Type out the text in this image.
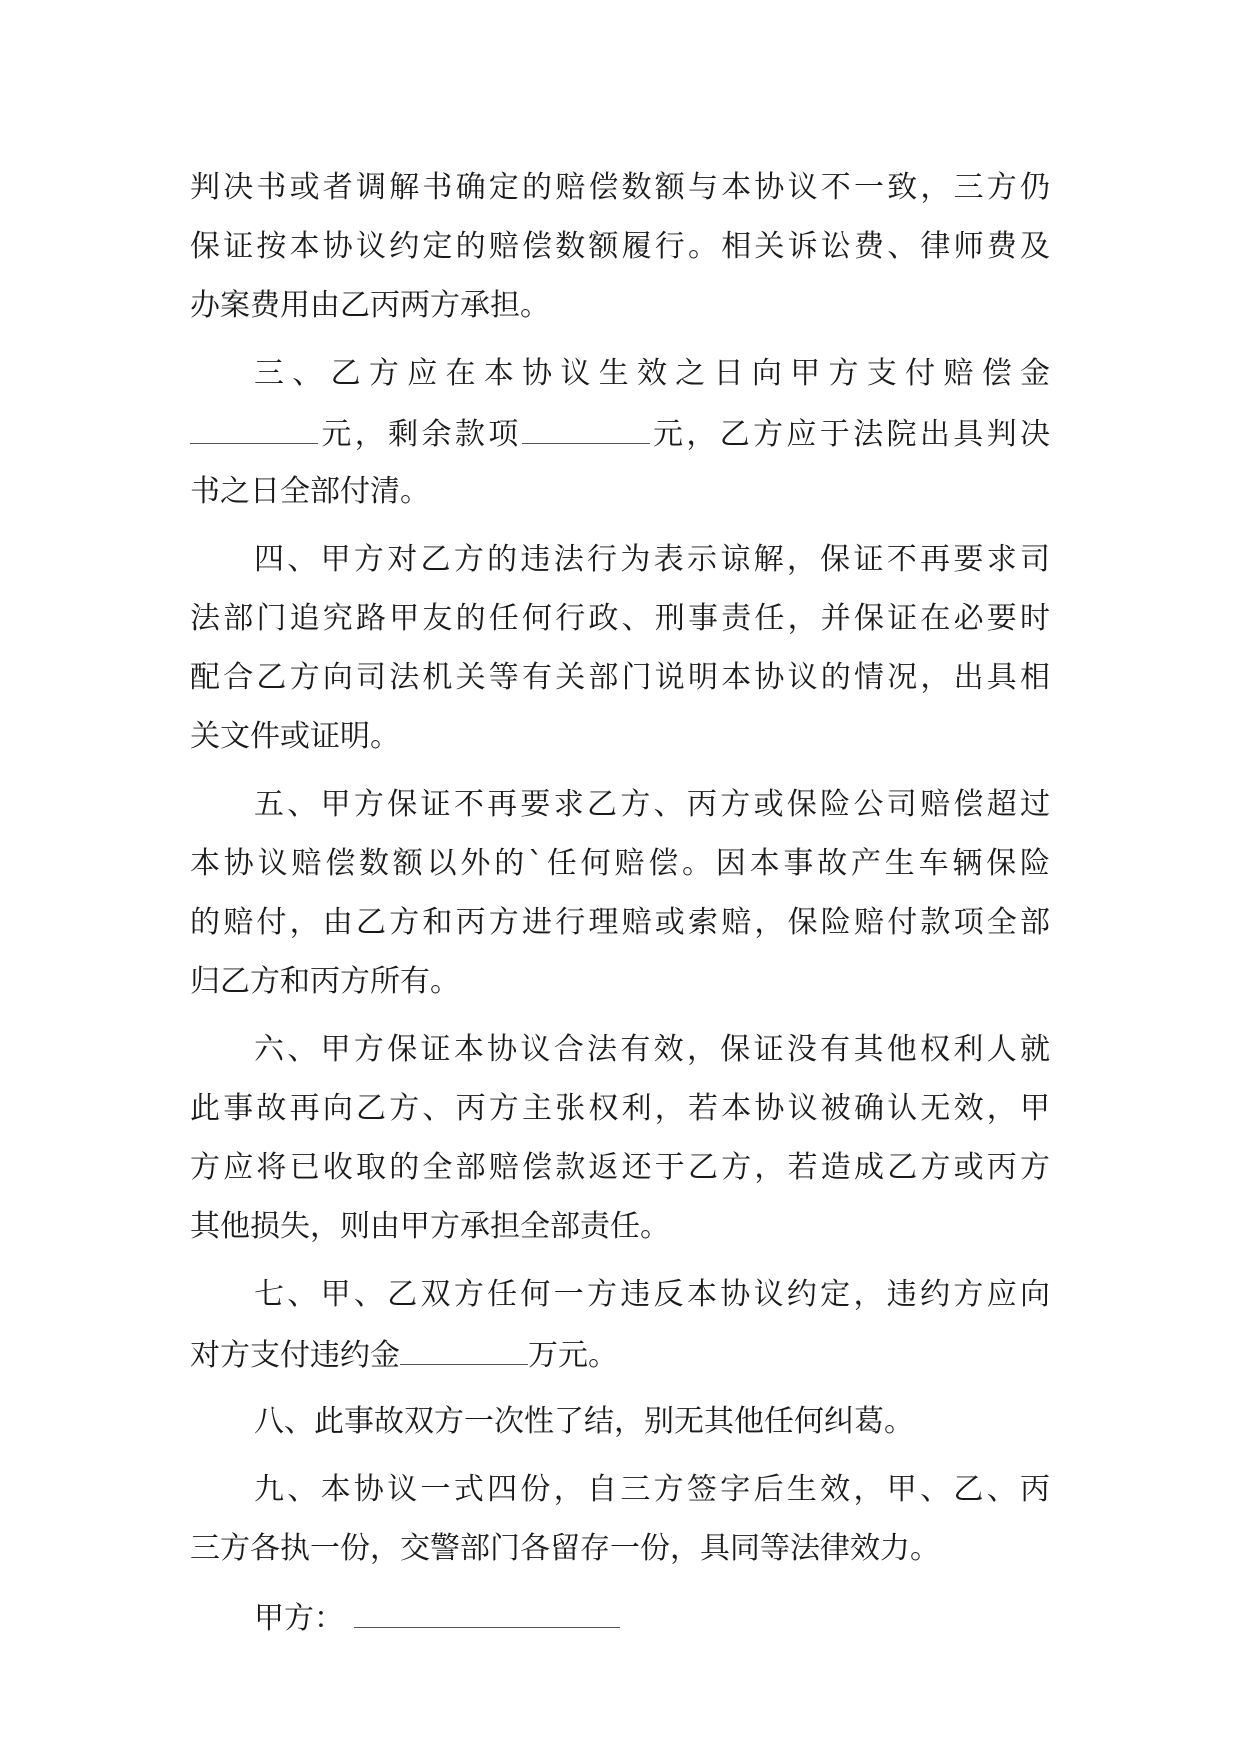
判决书或者调解书确定的赔偿数额与本协议不一致，三方仍
保证按本协议约定的赔偿数额履行。相关诉讼费、律师费及
办案费用由乙丙两方承担。
三、乙方应在本协议生效之日向甲方支付赔偿金
元，剩余款项	元，乙方应于法院出具判决
书之日全部付清。
四、甲方对乙方的违法行为表示谅解，保证不再要求司
法部门追究路甲友的任何行政、刑事责任，并保证在必要时
配合乙方向司法机关等有关部门说明本协议的情况，出具相
关文件或证明。
五、甲方保证不再要求乙方、丙方或保险公司赔偿超过
本协议赔偿数额以外的`任何赔偿。因本事故产生车辆保险
的赔付，由乙方和丙方进行理赔或索赔，保险赔付款项全部
归乙方和丙方所有。
六、甲方保证本协议合法有效，保证没有其他权利人就
此事故再向乙方、丙方主张权利，若本协议被确认无效，甲
方应将已收取的全部赔偿款返还于乙方，若造成乙方或丙方
其他损失，则由甲方承担全部责任。
七、甲、乙双方任何一方违反本协议约定，违约方应向
对方支付违约金	万元。
八、此事故双方一次性了结，别无其他任何纠葛。
九、本协议一式四份，自三方签字后生效，甲、乙、丙
三方各执一份，交警部门各留存一份，具同等法律效力。
甲方：
